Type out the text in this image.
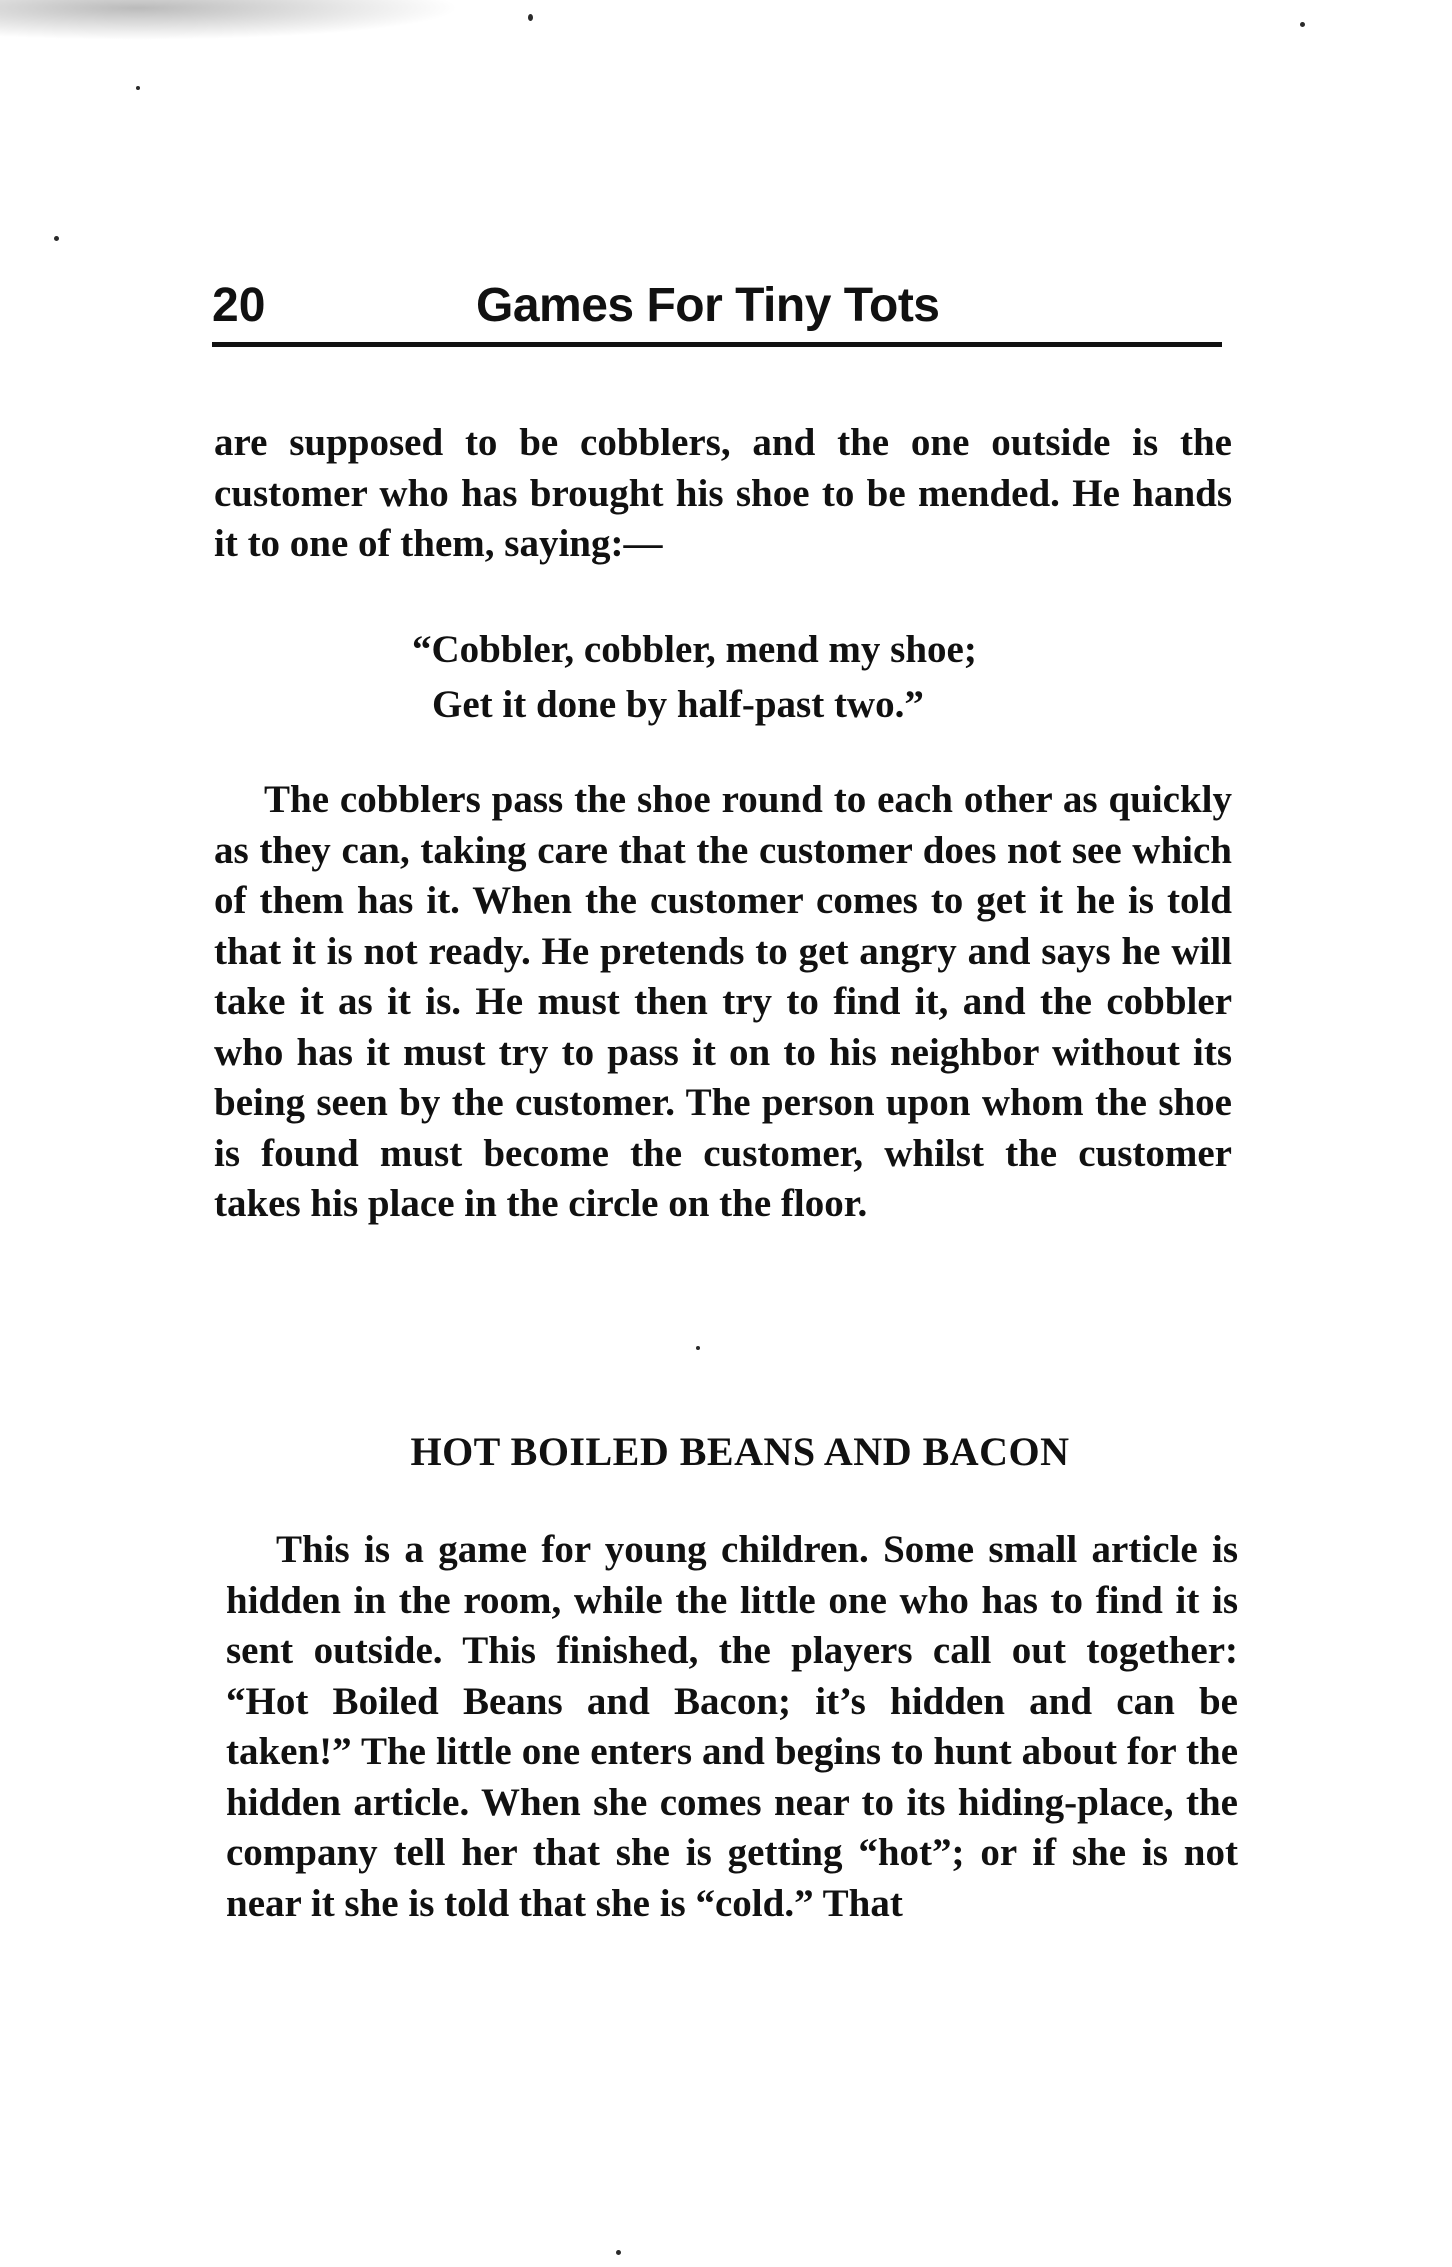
20	Games For Tiny Tots

are supposed to be cobblers, and the one outside is the customer who has brought his shoe to be mended. He hands it to one of them, saying:—

“Cobbler, cobbler, mend my shoe;
Get it done by half-past two.”

The cobblers pass the shoe round to each other as quickly as they can, taking care that the customer does not see which of them has it. When the customer comes to get it he is told that it is not ready. He pretends to get angry and says he will take it as it is. He must then try to find it, and the cobbler who has it must try to pass it on to his neighbor without its being seen by the customer. The person upon whom the shoe is found must become the customer, whilst the customer takes his place in the circle on the floor.

HOT BOILED BEANS AND BACON

This is a game for young children. Some small article is hidden in the room, while the little one who has to find it is sent outside. This finished, the players call out together: “Hot Boiled Beans and Bacon; it’s hidden and can be taken!” The little one enters and begins to hunt about for the hidden article. When she comes near to its hiding-place, the company tell her that she is getting “hot”; or if she is not near it she is told that she is “cold.” That
